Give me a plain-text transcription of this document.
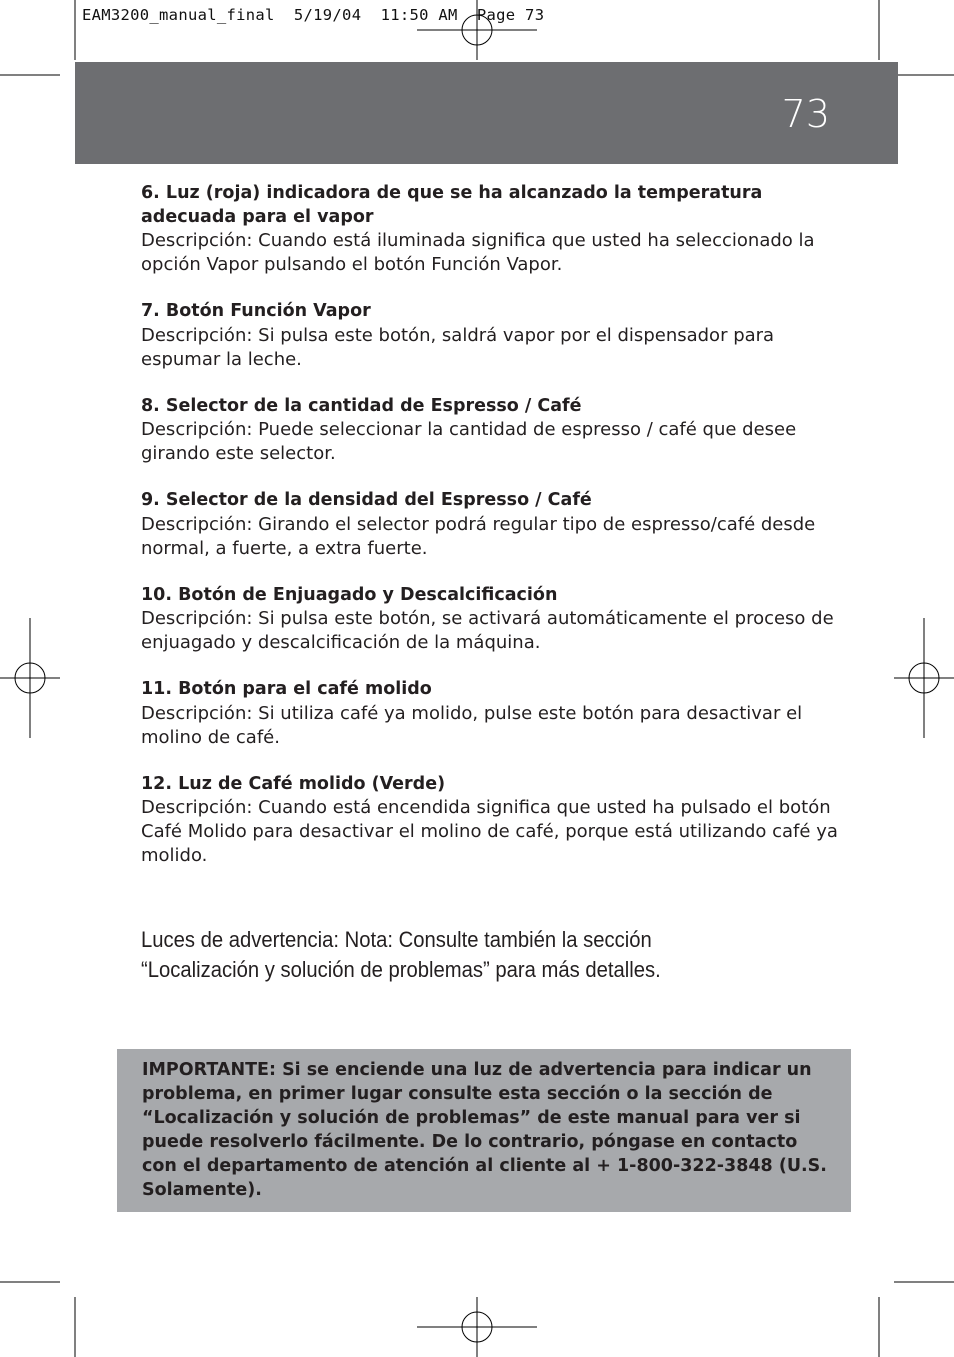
EAM3200_manual_final  5/19/04  11:50 AM  Page 73
73
6. Luz (roja) indicadora de que se ha alcanzado la temperatura adecuada para el vapor
Descripción: Cuando está iluminada significa que usted ha seleccionado la opción Vapor pulsando el botón Función Vapor.
7. Botón Función Vapor
Descripción: Si pulsa este botón, saldrá vapor por el dispensador para espumar la leche.
8. Selector de la cantidad de Espresso / Café
Descripción: Puede seleccionar la cantidad de espresso / café que desee girando este selector.
9. Selector de la densidad del Espresso / Café
Descripción: Girando el selector podrá regular tipo de espresso/café desde normal, a fuerte, a extra fuerte.
10. Botón de Enjuagado y Descalcificación
Descripción: Si pulsa este botón, se activará automáticamente el proceso de enjuagado y descalcificación de la máquina.
11. Botón para el café molido
Descripción: Si utiliza café ya molido, pulse este botón para desactivar el molino de café.
12. Luz de Café molido (Verde)
Descripción: Cuando está encendida significa que usted ha pulsado el botón Café Molido para desactivar el molino de café, porque está utilizando café ya molido.
Luces de advertencia: Nota: Consulte también la sección “Localización y solución de problemas” para más detalles.
IMPORTANTE: Si se enciende una luz de advertencia para indicar un problema, en primer lugar consulte esta sección o la sección de “Localización y solución de problemas” de este manual para ver si puede resolverlo fácilmente. De lo contrario, póngase en contacto con el departamento de atención al cliente al + 1-800-322-3848 (U.S. Solamente).
